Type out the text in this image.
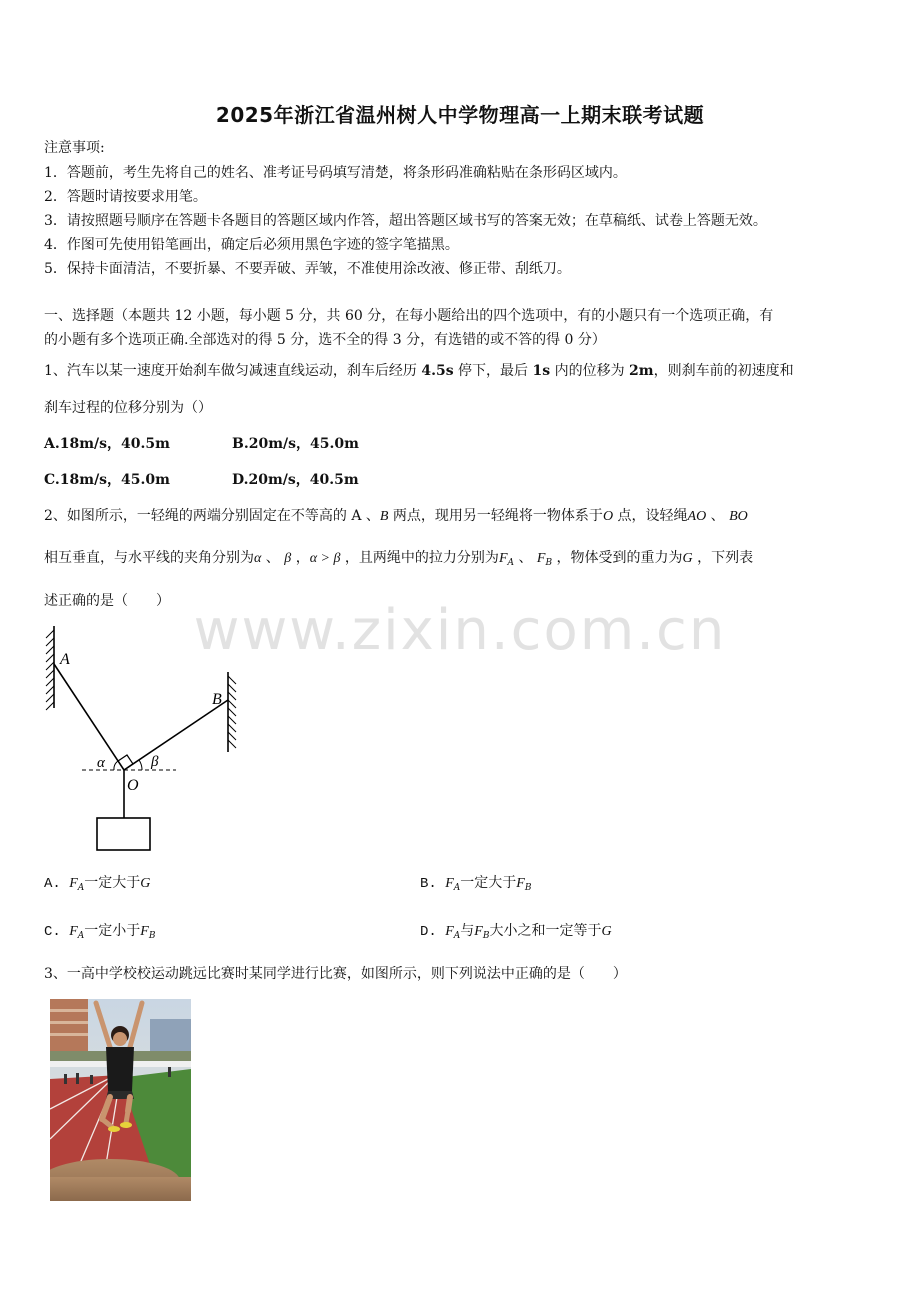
www.zixin.com.cn
2025年浙江省温州树人中学物理高一上期末联考试题
注意事项:
1．答题前，考生先将自己的姓名、准考证号码填写清楚，将条形码准确粘贴在条形码区域内。
2．答题时请按要求用笔。
3．请按照题号顺序在答题卡各题目的答题区域内作答，超出答题区域书写的答案无效；在草稿纸、试卷上答题无效。
4．作图可先使用铅笔画出，确定后必须用黑色字迹的签字笔描黑。
5．保持卡面清洁，不要折暴、不要弄破、弄皱，不准使用涂改液、修正带、刮纸刀。
一、选择题（本题共 12 小题，每小题 5 分，共 60 分，在每小题给出的四个选项中，有的小题只有一个选项正确，有
的小题有多个选项正确.全部选对的得 5 分，选不全的得 3 分，有选错的或不答的得 0 分）
1、汽车以某一速度开始刹车做匀减速直线运动，刹车后经历 4.5s 停下，最后 1s 内的位移为 2m，则刹车前的初速度和
刹车过程的位移分别为（）
A.18m/s，40.5m	B.20m/s，45.0m
C.18m/s，45.0m	D.20m/s，40.5m
2、如图所示，一轻绳的两端分别固定在不等高的 A 、B 两点，现用另一轻绳将一物体系于O 点，设轻绳AO 、 BO
相互垂直，与水平线的夹角分别为α 、 β ，α > β ，且两绳中的拉力分别为$F_A$ 、 $F_B$ ，物体受到的重力为G ，下列表
述正确的是（　　）
A
B
O
α	β
A. $F_A$一定大于G	B. $F_A$一定大于$F_B$
C. $F_A$一定小于$F_B$	D. $F_A$与$F_B$大小之和一定等于G
3、一高中学校校运动跳远比赛时某同学进行比赛，如图所示，则下列说法中正确的是（　　）
